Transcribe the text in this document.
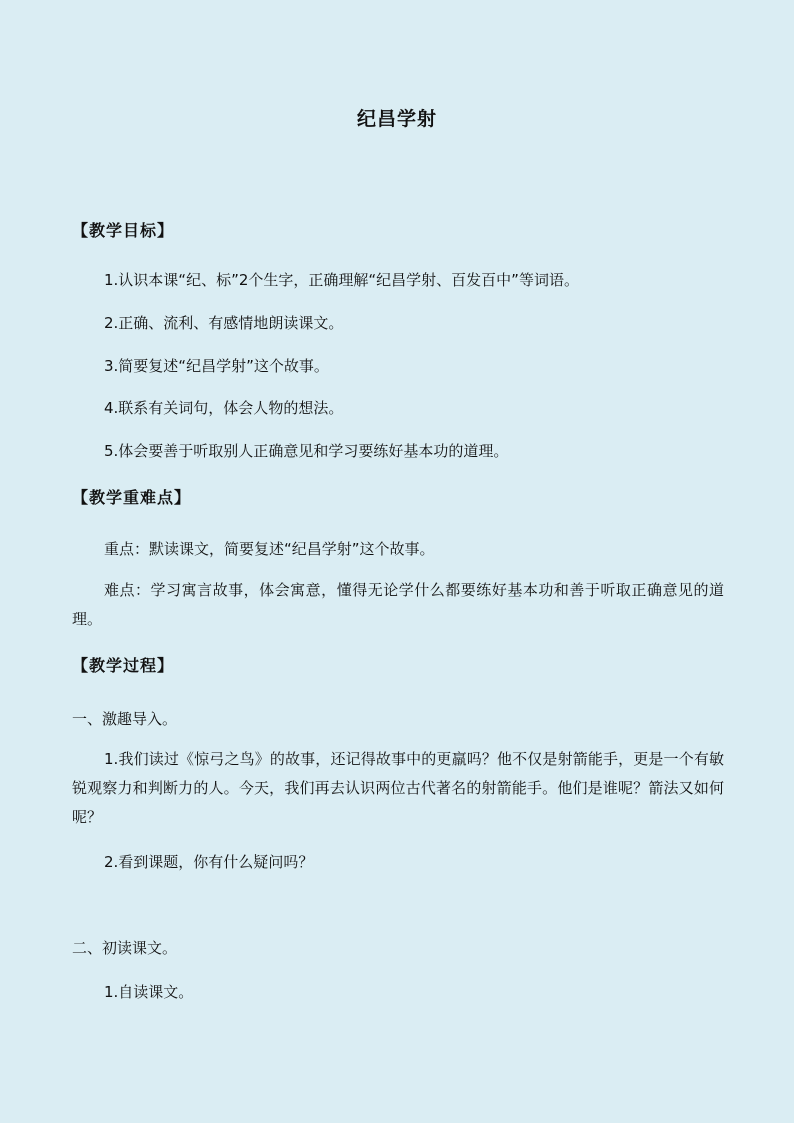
纪昌学射
【教学目标】
1.认识本课“纪、标”2个生字，正确理解“纪昌学射、百发百中”等词语。
2.正确、流利、有感情地朗读课文。
3.简要复述“纪昌学射”这个故事。
4.联系有关词句，体会人物的想法。
5.体会要善于听取别人正确意见和学习要练好基本功的道理。
【教学重难点】
重点：默读课文，简要复述“纪昌学射”这个故事。
难点：学习寓言故事，体会寓意，懂得无论学什么都要练好基本功和善于听取正确意见的道理。
【教学过程】
一、激趣导入。
1.我们读过《惊弓之鸟》的故事，还记得故事中的更羸吗？他不仅是射箭能手，更是一个有敏锐观察力和判断力的人。今天，我们再去认识两位古代著名的射箭能手。他们是谁呢？箭法又如何呢？
2.看到课题，你有什么疑问吗？
二、初读课文。
1.自读课文。
